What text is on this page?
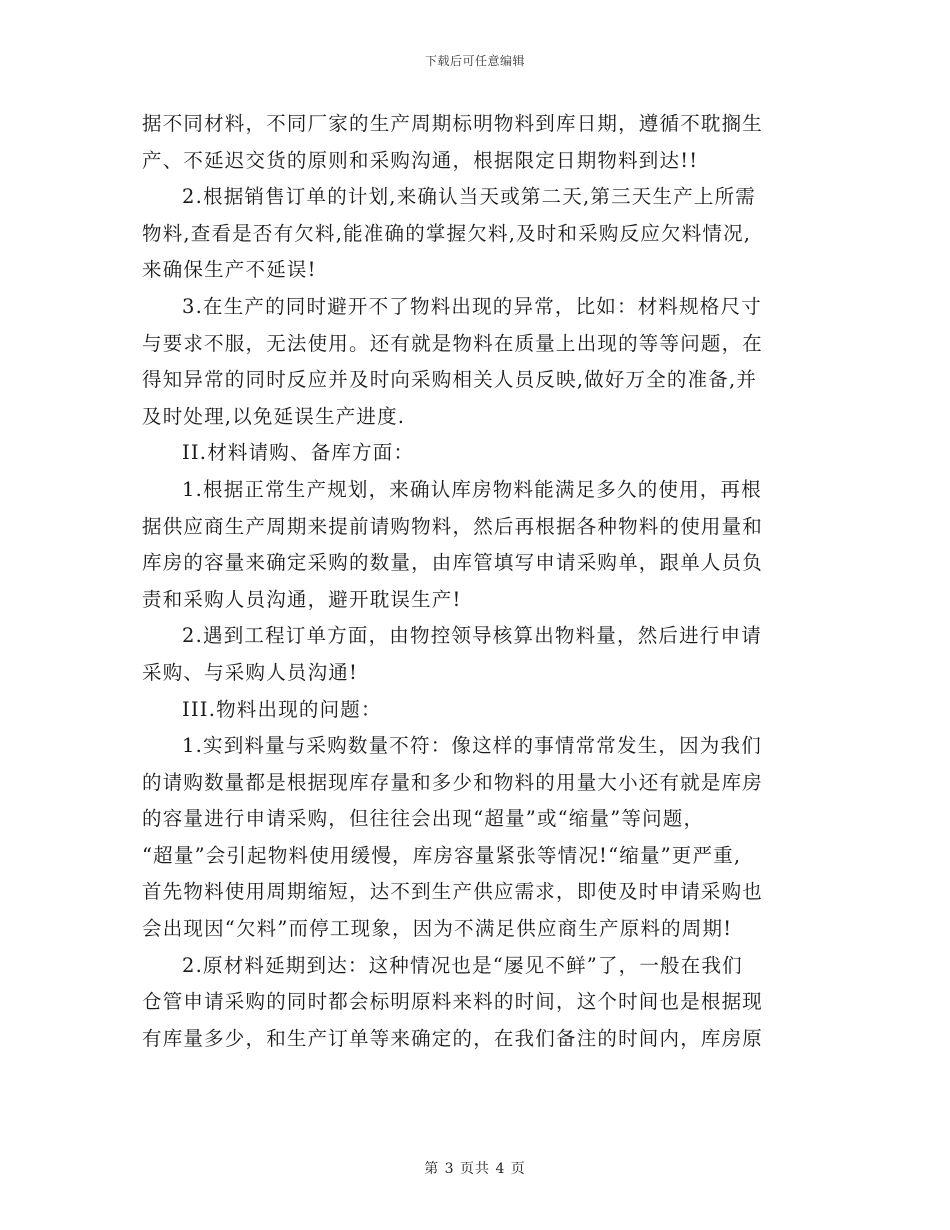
下载后可任意编辑
据不同材料，不同厂家的生产周期标明物料到库日期，遵循不耽搁生
产、不延迟交货的原则和采购沟通，根据限定日期物料到达!!
2.根据销售订单的计划,来确认当天或第二天,第三天生产上所需
物料,查看是否有欠料,能准确的掌握欠料,及时和采购反应欠料情况,
来确保生产不延误!
3.在生产的同时避开不了物料出现的异常，比如：材料规格尺寸
与要求不服，无法使用。还有就是物料在质量上出现的等等问题，在
得知异常的同时反应并及时向采购相关人员反映,做好万全的准备,并
及时处理,以免延误生产进度.
II.材料请购、备库方面：
1.根据正常生产规划，来确认库房物料能满足多久的使用，再根
据供应商生产周期来提前请购物料，然后再根据各种物料的使用量和
库房的容量来确定采购的数量，由库管填写申请采购单，跟单人员负
责和采购人员沟通，避开耽误生产!
2.遇到工程订单方面，由物控领导核算出物料量，然后进行申请
采购、与采购人员沟通!
III.物料出现的问题：
1.实到料量与采购数量不符：像这样的事情常常发生，因为我们
的请购数量都是根据现库存量和多少和物料的用量大小还有就是库房
的容量进行申请采购，但往往会出现“超量”或“缩量”等问题，
“超量”会引起物料使用缓慢，库房容量紧张等情况!“缩量”更严重,
首先物料使用周期缩短，达不到生产供应需求，即使及时申请采购也
会出现因“欠料”而停工现象，因为不满足供应商生产原料的周期!
2.原材料延期到达：这种情况也是“屡见不鲜”了，一般在我们
仓管申请采购的同时都会标明原料来料的时间，这个时间也是根据现
有库量多少，和生产订单等来确定的，在我们备注的时间内，库房原
第 3 页共 4 页
